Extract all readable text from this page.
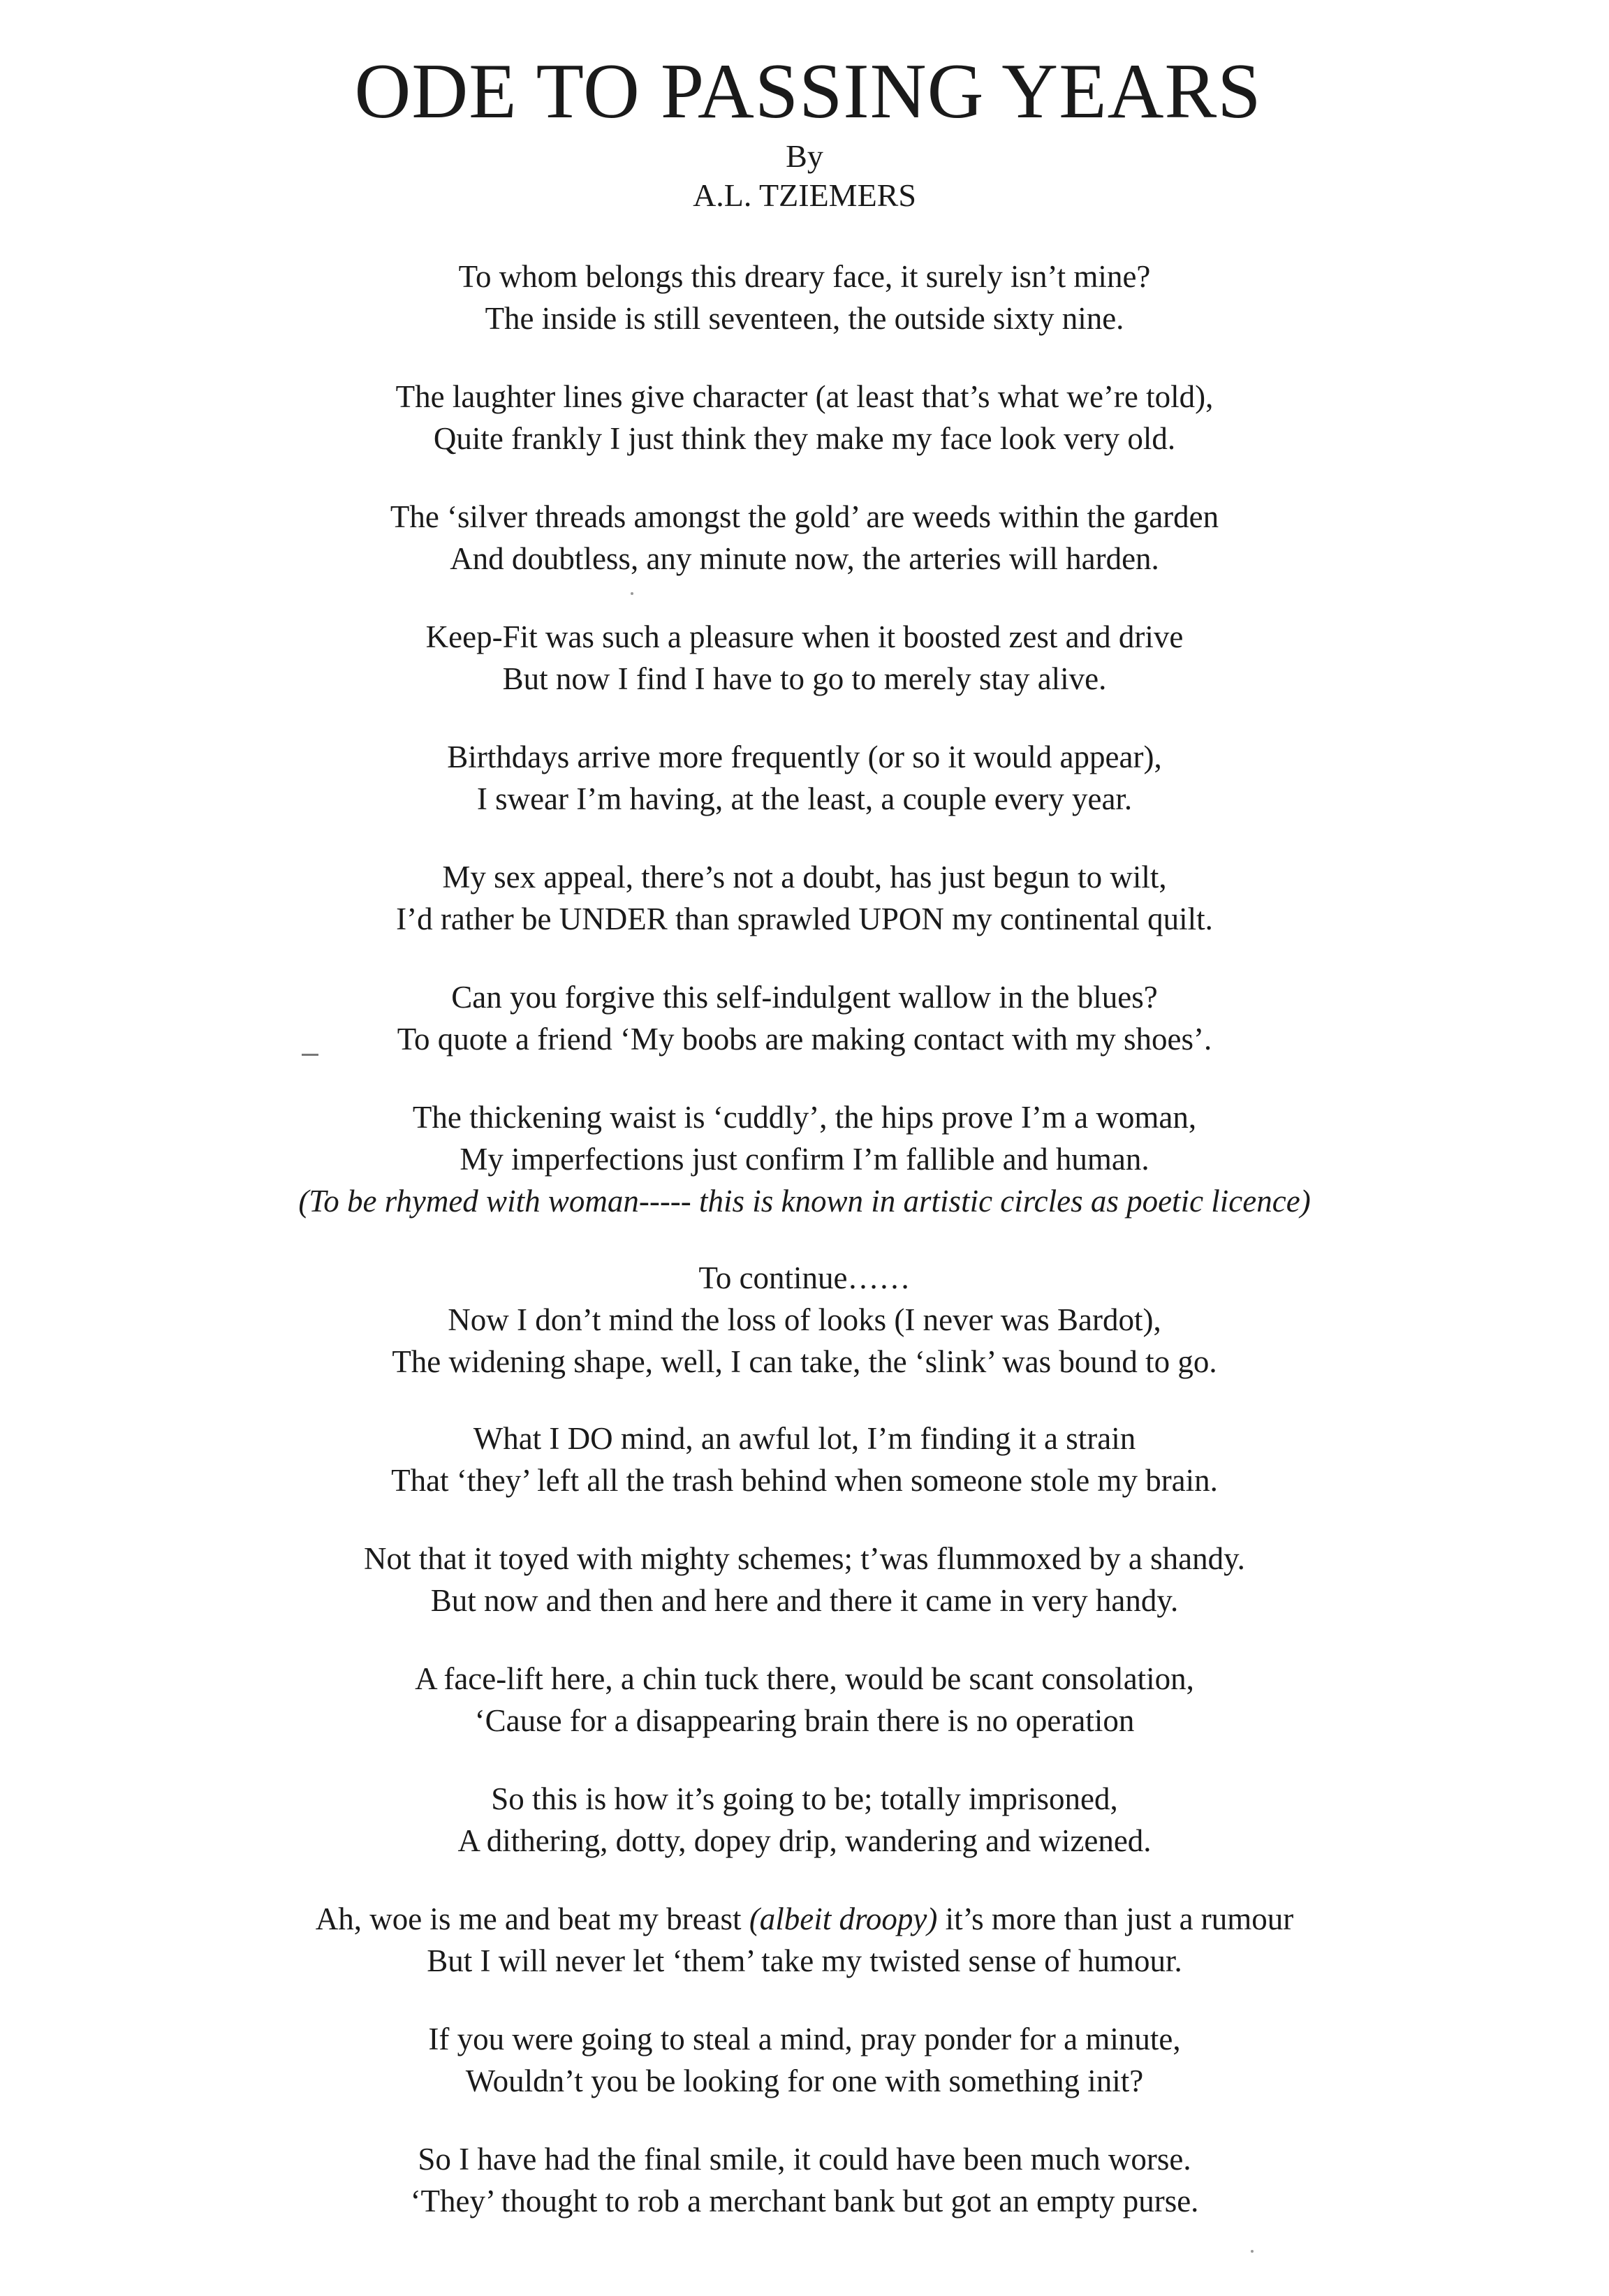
ODE TO PASSING YEARS
By
A.L. TZIEMERS
To whom belongs this dreary face, it surely isn’t mine?
The inside is still seventeen, the outside sixty nine.
The laughter lines give character (at least that’s what we’re told),
Quite frankly I just think they make my face look very old.
The ‘silver threads amongst the gold’ are weeds within the garden
And doubtless, any minute now, the arteries will harden.
Keep-Fit was such a pleasure when it boosted zest and drive
But now I find I have to go to merely stay alive.
Birthdays arrive more frequently (or so it would appear),
I swear I’m having, at the least, a couple every year.
My sex appeal, there’s not a doubt, has just begun to wilt,
I’d rather be UNDER than sprawled UPON my continental quilt.
Can you forgive this self-indulgent wallow in the blues?
To quote a friend ‘My boobs are making contact with my shoes’.
The thickening waist is ‘cuddly’, the hips prove I’m a woman,
My imperfections just confirm I’m fallible and human.
(To be rhymed with woman----- this is known in artistic circles as poetic licence)
To continue……
Now I don’t mind the loss of looks (I never was Bardot),
The widening shape, well, I can take, the ‘slink’ was bound to go.
What I DO mind, an awful lot, I’m finding it a strain
That ‘they’ left all the trash behind when someone stole my brain.
Not that it toyed with mighty schemes; t’was flummoxed by a shandy.
But now and then and here and there it came in very handy.
A face-lift here, a chin tuck there, would be scant consolation,
‘Cause for a disappearing brain there is no operation
So this is how it’s going to be; totally imprisoned,
A dithering, dotty, dopey drip, wandering and wizened.
Ah, woe is me and beat my breast (albeit droopy) it’s more than just a rumour
But I will never let ‘them’ take my twisted sense of humour.
If you were going to steal a mind, pray ponder for a minute,
Wouldn’t you be looking for one with something init?
So I have had the final smile, it could have been much worse.
‘They’ thought to rob a merchant bank but got an empty purse.
